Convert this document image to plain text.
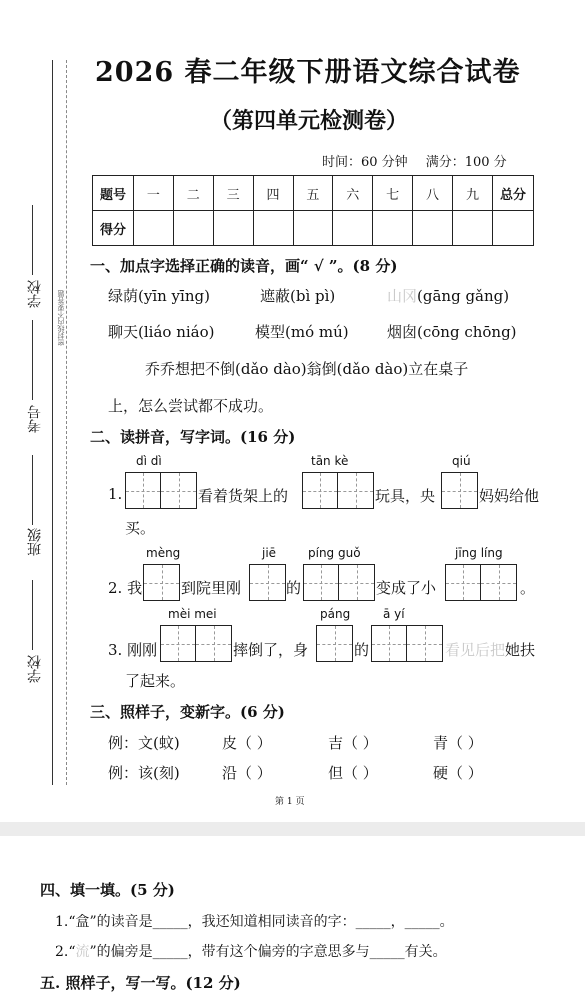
密封线内不要答题
学校
考号
班级
学校
2026 春二年级下册语文综合试卷
（第四单元检测卷）
时间：60 分钟 满分：100 分
题号	一	二	三	四	五	六	七	八	九	总分
得分										
一、加点字选择正确的读音，画“ √ ”。(8 分)
绿荫(yīn yīng)	遮蔽(bì pì)	山冈(gāng gǎng)
聊天(liáo niáo)	模型(mó mú)	烟囱(cōng chōng)
乔乔想把不倒(dǎo dào)翁倒(dǎo dào)立在桌子
上，怎么尝试都不成功。
二、读拼音，写字词。(16 分)
dì dì	tān kè	qiú
1.	看着货架上的	玩具，央	妈妈给他
买。
mèng	jiē	píng guǒ	jīng líng
2. 我	到院里刚	的	变成了小	。
mèi mei	páng	ā yí
3. 刚刚	摔倒了，身	的	看见后把她扶
了起来。
三、照样子，变新字。(6 分)
例：文(蚊)	皮（ ）	吉（ ）	青（ ）
例：该(刻)	沿（ ）	但（ ）	硬（ ）
第 1 页
四、填一填。(5 分)
1.“盒”的读音是_____，我还知道相同读音的字：_____，_____。
2.“流”的偏旁是_____，带有这个偏旁的字意思多与_____有关。
五. 照样子，写一写。(12 分)
